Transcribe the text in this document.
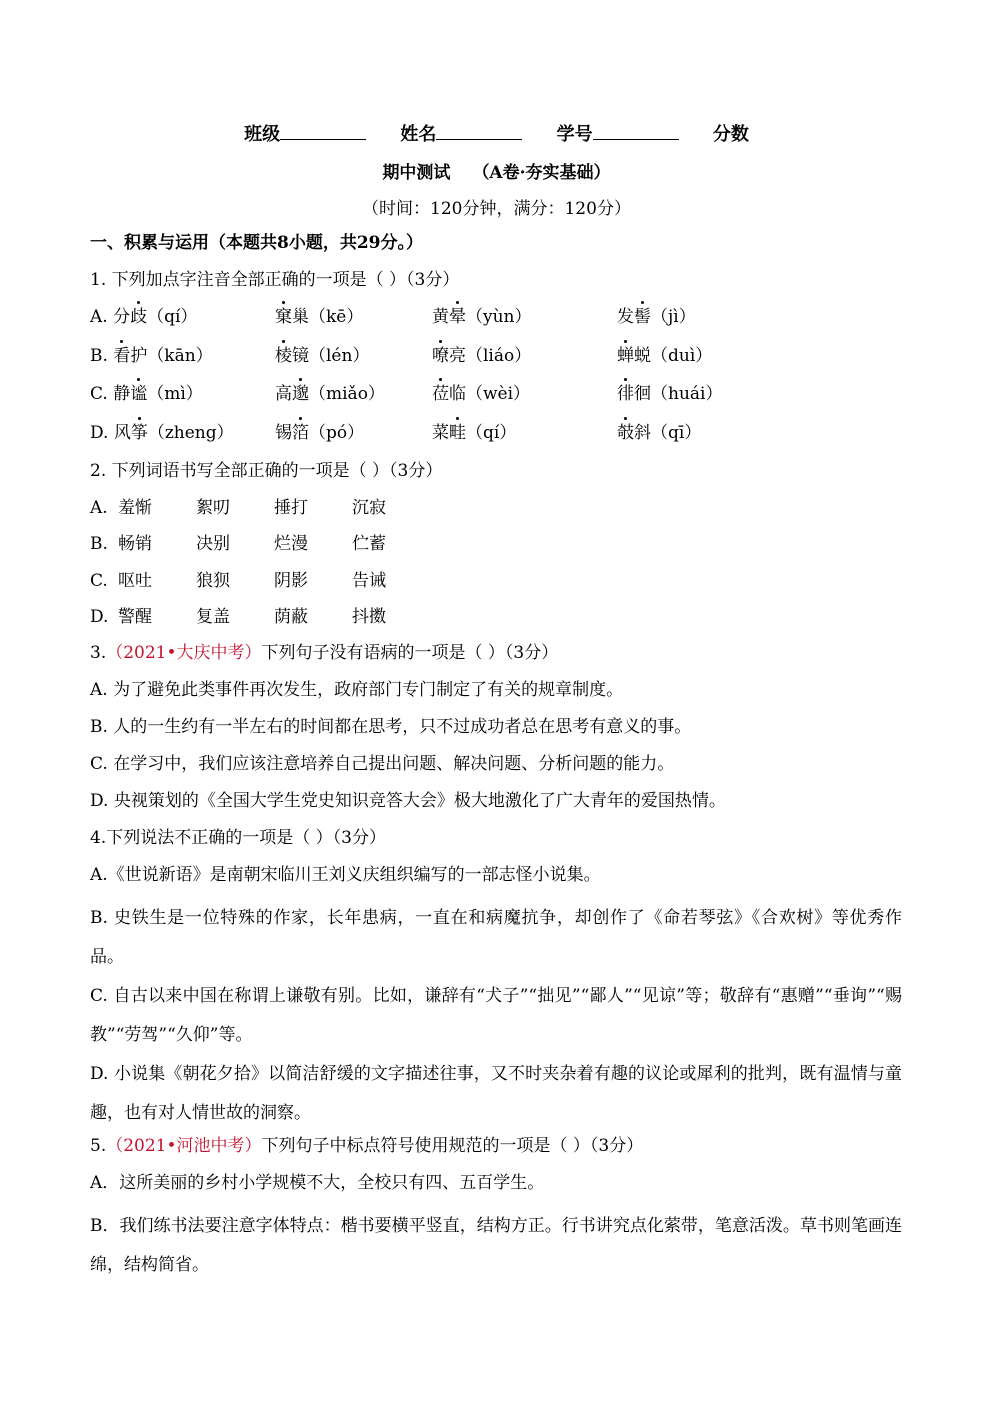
班级	姓名	学号	分数
期中测试 （A卷·夯实基础）
（时间：120分钟，满分：120分）
一、积累与运用（本题共8小题，共29分。）
1. 下列加点字注音全部正确的一项是（ ）（3分）
A. 分歧（qí）	窠巢（kē）	黄晕（yùn）	发髻（jì）
B. 看护（kān）	棱镜（lén）	嘹亮（liáo）	蝉蜕（duì）
C. 静谧（mì）	高邈（miǎo）	莅临（wèi）	徘徊（huái）
D. 风筝（zheng）	锡箔（pó）	菜畦（qí）	攲斜（qī）
2. 下列词语书写全部正确的一项是（ ）（3分）
A. 羞惭	絮叨	捶打	沉寂
B. 畅销	决别	烂漫	伫蓄
C. 呕吐	狼狈	阴影	告诫
D. 警醒	复盖	荫蔽	抖擞
3.（2021•大庆中考）下列句子没有语病的一项是（ ）（3分）
A. 为了避免此类事件再次发生，政府部门专门制定了有关的规章制度。
B. 人的一生约有一半左右的时间都在思考，只不过成功者总在思考有意义的事。
C. 在学习中，我们应该注意培养自己提出问题、解决问题、分析问题的能力。
D. 央视策划的《全国大学生党史知识竞答大会》极大地激化了广大青年的爱国热情。
4.下列说法不正确的一项是（ ）（3分）
A.《世说新语》是南朝宋临川王刘义庆组织编写的一部志怪小说集。
B. 史铁生是一位特殊的作家，长年患病，一直在和病魔抗争，却创作了《命若琴弦》《合欢树》等优秀作品。
C. 自古以来中国在称谓上谦敬有别。比如，谦辞有“犬子”“拙见”“鄙人”“见谅”等；敬辞有“惠赠”“垂询”“赐教”“劳驾”“久仰”等。
D. 小说集《朝花夕拾》以简洁舒缓的文字描述往事，又不时夹杂着有趣的议论或犀利的批判，既有温情与童趣，也有对人情世故的洞察。
5.（2021•河池中考）下列句子中标点符号使用规范的一项是（ ）（3分）
A．这所美丽的乡村小学规模不大，全校只有四、五百学生。
B．我们练书法要注意字体特点：楷书要横平竖直，结构方正。行书讲究点化萦带，笔意活泼。草书则笔画连绵，结构简省。
